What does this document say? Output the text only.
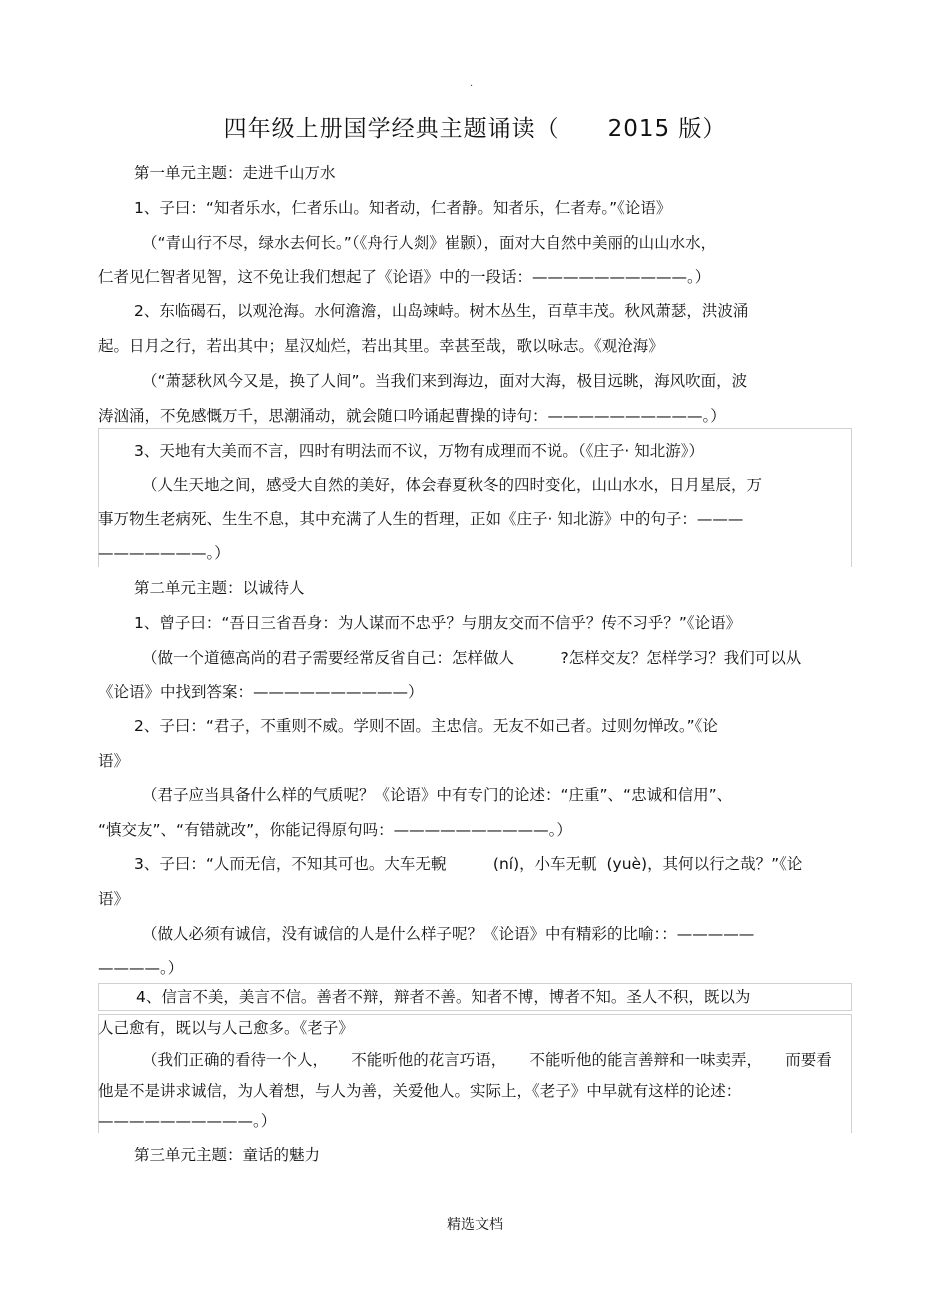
.
四年级上册国学经典主题诵读（　　2015 版）
第一单元主题：走进千山万水
1、子曰：“知者乐水，仁者乐山。知者动，仁者静。知者乐，仁者寿。”《论语》
（“青山行不尽，绿水去何长。”（《舟行人剡》崔颢），面对大自然中美丽的山山水水，
仁者见仁智者见智，这不免让我们想起了《论语》中的一段话：——————————。）
2、东临碣石，以观沧海。水何澹澹，山岛竦峙。树木丛生，百草丰茂。秋风萧瑟，洪波涌
起。日月之行，若出其中；星汉灿烂，若出其里。幸甚至哉，歌以咏志。《观沧海》
（“萧瑟秋风今又是，换了人间”。当我们来到海边，面对大海，极目远眺，海风吹面，波
涛汹涌，不免感慨万千，思潮涌动，就会随口吟诵起曹操的诗句：——————————。）
3、天地有大美而不言，四时有明法而不议，万物有成理而不说。（《庄子· 知北游》）
（人生天地之间，感受大自然的美好，体会春夏秋冬的四时变化，山山水水，日月星辰，万
事万物生老病死、生生不息，其中充满了人生的哲理，正如《庄子· 知北游》中的句子：———
———————。）
第二单元主题：以诚待人
1、曾子曰：“吾日三省吾身：为人谋而不忠乎？与朋友交而不信乎？传不习乎？”《论语》
（做一个道德高尚的君子需要经常反省自己：怎样做人　　　?怎样交友？怎样学习？我们可以从
《论语》中找到答案：——————————）
2、子曰：“君子，不重则不威。学则不固。主忠信。无友不如己者。过则勿惮改。”《论
语》
（君子应当具备什么样的气质呢？《论语》中有专门的论述：“庄重”、“忠诚和信用”、
“慎交友”、“有错就改”，你能记得原句吗：——————————。）
3、子曰：“人而无信，不知其可也。大车无輗　　　(ní)，小车无軏  (yuè)，其何以行之哉？”《论
语》
（做人必须有诚信，没有诚信的人是什么样子呢？《论语》中有精彩的比喻：：—————
————。）
4、信言不美，美言不信。善者不辩，辩者不善。知者不博，博者不知。圣人不积，既以为
人己愈有，既以与人己愈多。《老子》
（我们正确的看待一个人，　　不能听他的花言巧语，　　不能听他的能言善辩和一味卖弄，　　而要看
他是不是讲求诚信，为人着想，与人为善，关爱他人。实际上，《老子》中早就有这样的论述：
——————————。）
第三单元主题：童话的魅力
精选文档
